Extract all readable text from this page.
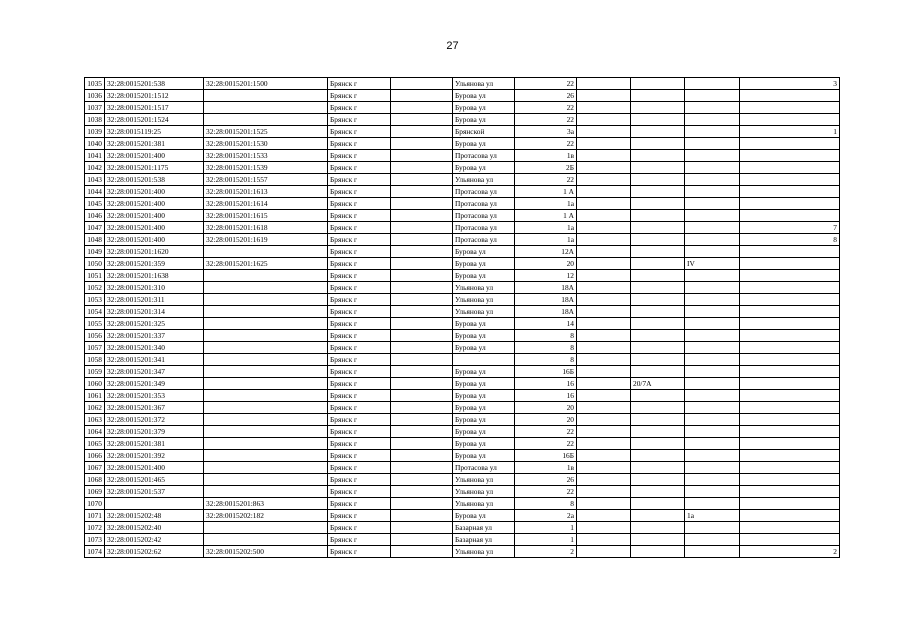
27
1035	32:28:0015201:538	32:28:0015201:1500	Брянск г		Ульянова ул	22				3
1036	32:28:0015201:1512		Брянск г		Бурова ул	26				
1037	32:28:0015201:1517		Брянск г		Бурова ул	22				
1038	32:28:0015201:1524		Брянск г		Бурова ул	22				
1039	32:28:0015119:25	32:28:0015201:1525	Брянск г		Брянской	3а				1
1040	32:28:0015201:381	32:28:0015201:1530	Брянск г		Бурова ул	22				
1041	32:28:0015201:400	32:28:0015201:1533	Брянск г		Протасова ул	1в				
1042	32:28:0015201:1175	32:28:0015201:1539	Брянск г		Бурова ул	2Б				
1043	32:28:0015201:538	32:28:0015201:1557	Брянск г		Ульянова ул	22				
1044	32:28:0015201:400	32:28:0015201:1613	Брянск г		Протасова ул	1 А				
1045	32:28:0015201:400	32:28:0015201:1614	Брянск г		Протасова ул	1а				
1046	32:28:0015201:400	32:28:0015201:1615	Брянск г		Протасова ул	1 А				
1047	32:28:0015201:400	32:28:0015201:1618	Брянск г		Протасова ул	1а				7
1048	32:28:0015201:400	32:28:0015201:1619	Брянск г		Протасова ул	1а				8
1049	32:28:0015201:1620		Брянск г		Бурова ул	12А				
1050	32:28:0015201:359	32:28:0015201:1625	Брянск г		Бурова ул	20			IV	
1051	32:28:0015201:1638		Брянск г		Бурова ул	12				
1052	32:28:0015201:310		Брянск г		Ульянова ул	18А				
1053	32:28:0015201:311		Брянск г		Ульянова ул	18А				
1054	32:28:0015201:314		Брянск г		Ульянова ул	18А				
1055	32:28:0015201:325		Брянск г		Бурова ул	14				
1056	32:28:0015201:337		Брянск г		Бурова ул	8				
1057	32:28:0015201:340		Брянск г		Бурова ул	8				
1058	32:28:0015201:341		Брянск г			8				
1059	32:28:0015201:347		Брянск г		Бурова ул	16Б				
1060	32:28:0015201:349		Брянск г		Бурова ул	16		20/7А		
1061	32:28:0015201:353		Брянск г		Бурова ул	16				
1062	32:28:0015201:367		Брянск г		Бурова ул	20				
1063	32:28:0015201:372		Брянск г		Бурова ул	20				
1064	32:28:0015201:379		Брянск г		Бурова ул	22				
1065	32:28:0015201:381		Брянск г		Бурова ул	22				
1066	32:28:0015201:392		Брянск г		Бурова ул	16Б				
1067	32:28:0015201:400		Брянск г		Протасова ул	1в				
1068	32:28:0015201:465		Брянск г		Ульянова ул	26				
1069	32:28:0015201:537		Брянск г		Ульянова ул	22				
1070		32:28:0015201:863	Брянск г		Ульянова ул	8				
1071	32:28:0015202:48	32:28:0015202:182	Брянск г		Бурова ул	2а			1а	
1072	32:28:0015202:40		Брянск г		Базарная ул	1				
1073	32:28:0015202:42		Брянск г		Базарная ул	1				
1074	32:28:0015202:62	32:28:0015202:500	Брянск г		Ульянова ул	2				2
